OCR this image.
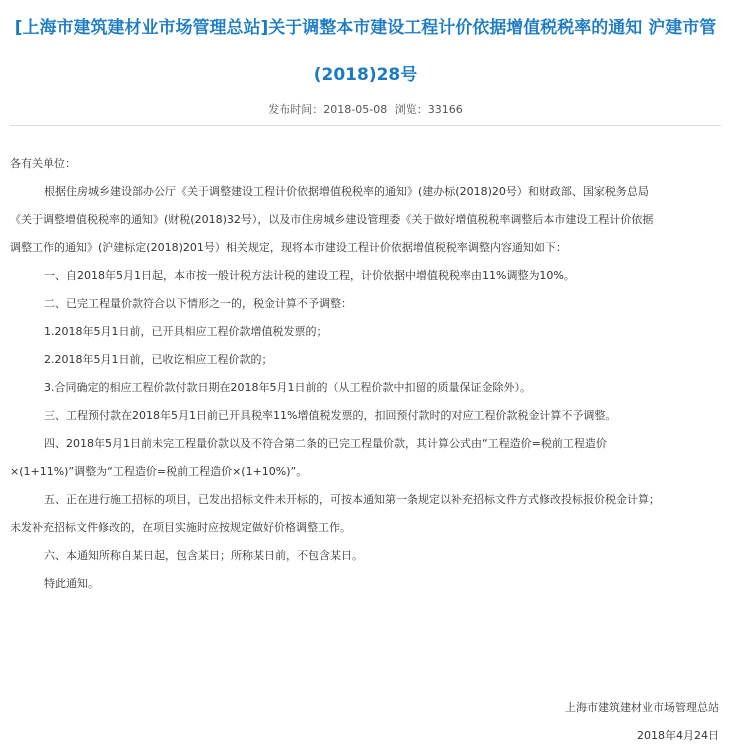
[上海市建筑建材业市场管理总站]关于调整本市建设工程计价依据增值税税率的通知 沪建市管
(2018)28号
发布时间：2018-05-08 浏览：33166
各有关单位：
根据住房城乡建设部办公厅《关于调整建设工程计价依据增值税税率的通知》(建办标(2018)20号）和财政部、国家税务总局
《关于调整增值税税率的通知》(财税(2018)32号），以及市住房城乡建设管理委《关于做好增值税税率调整后本市建设工程计价依据
调整工作的通知》(沪建标定(2018)201号）相关规定，现将本市建设工程计价依据增值税税率调整内容通知如下：
一、自2018年5月1日起，本市按一般计税方法计税的建设工程，计价依据中增值税税率由11%调整为10%。
二、已完工程量价款符合以下情形之一的，税金计算不予调整：
1.2018年5月1日前，已开具相应工程价款增值税发票的；
2.2018年5月1日前，已收讫相应工程价款的；
3.合同确定的相应工程价款付款日期在2018年5月1日前的（从工程价款中扣留的质量保证金除外）。
三、工程预付款在2018年5月1日前已开具税率11%增值税发票的，扣回预付款时的对应工程价款税金计算不予调整。
四、2018年5月1日前未完工程量价款以及不符合第二条的已完工程量价款，其计算公式由“工程造价=税前工程造价
×(1+11%)”调整为“工程造价=税前工程造价×(1+10%)”。
五、正在进行施工招标的项目，已发出招标文件未开标的，可按本通知第一条规定以补充招标文件方式修改投标报价税金计算；
未发补充招标文件修改的，在项目实施时应按规定做好价格调整工作。
六、本通知所称自某日起，包含某日；所称某日前，不包含某日。
特此通知。
上海市建筑建材业市场管理总站
2018年4月24日
